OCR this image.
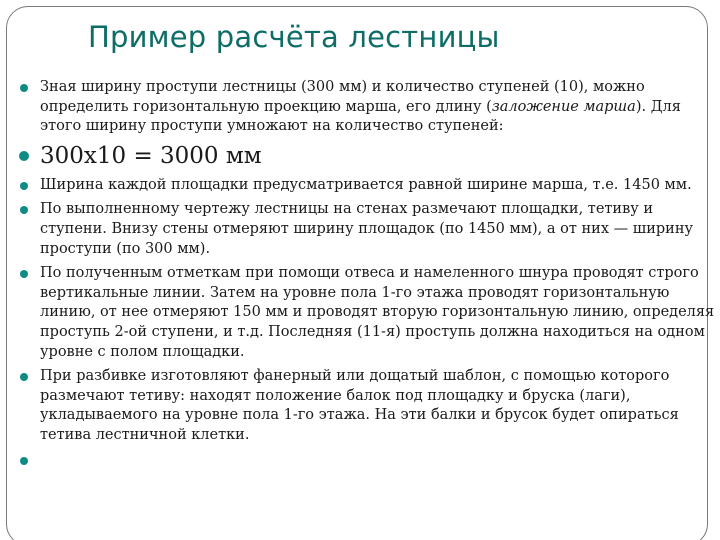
Пример расчёта лестницы
Зная ширину проступи лестницы (300 мм) и количество ступеней (10), можно определить горизонтальную проекцию марша, его длину (заложение марша). Для этого ширину проступи умножают на количество ступеней:
300х10 = 3000 мм
Ширина каждой площадки предусматривается равной ширине марша, т.е. 1450 мм.
По выполненному чертежу лестницы на стенах размечают площадки, тетиву и ступени. Внизу стены отмеряют ширину площадок (по 1450 мм), а от них — ширину проступи (по 300 мм).
По полученным отметкам при помощи отвеса и намеленного шнура проводят строго вертикальные линии. Затем на уровне пола 1-го этажа проводят горизонтальную линию, от нее отмеряют 150 мм и проводят вторую горизонтальную линию, определяя проступь 2-ой ступени, и т.д. Последняя (11-я) проступь должна находиться на одном уровне с полом площадки.
При разбивке изготовляют фанерный или дощатый шаблон, с помощью которого размечают тетиву: находят положение балок под площадку и бруска (лаги), укладываемого на уровне пола 1-го этажа. На эти балки и брусок будет опираться тетива лестничной клетки.
